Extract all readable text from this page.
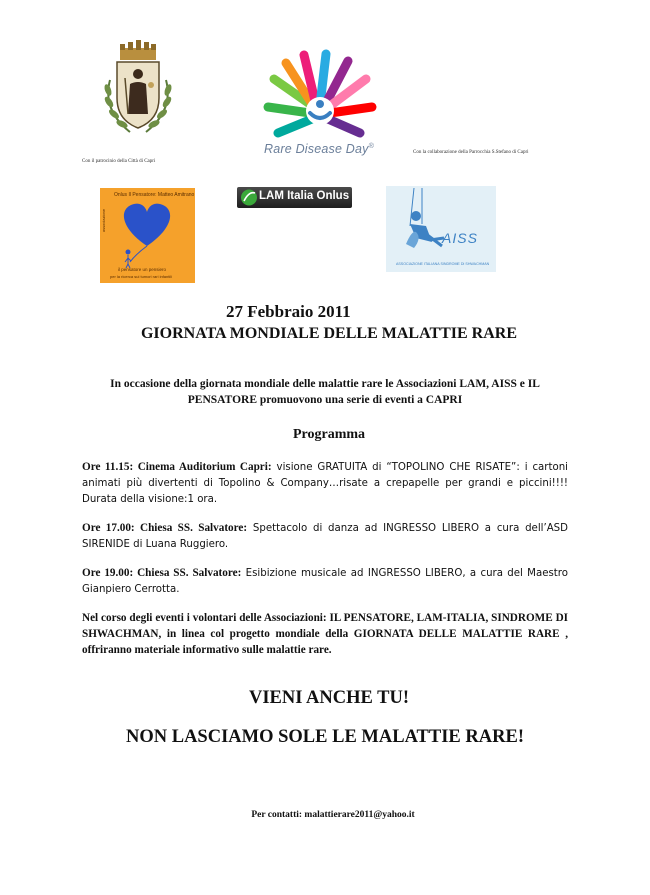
Rare Disease Day®
Con il patrocinio della Città di Capri
Con la collaborazione della Parrocchia S.Stefano di Capri
Onlus Il Pensatore: Matteo Amitrano
associazione
il pensatore un pensiero
per la ricerca sui tumori rari infantili
LAM Italia Onlus
AISS
ASSOCIAZIONE ITALIANA SINDROME DI SHWACHMAN
27 Febbraio 2011
GIORNATA MONDIALE DELLE MALATTIE RARE
In occasione della giornata mondiale delle malattie rare le Associazioni LAM, AISS e IL
PENSATORE promuovono una serie di eventi a CAPRI
Programma
Ore 11.15: Cinema Auditorium Capri: visione GRATUITA di “TOPOLINO CHE RISATE”: i cartoni animati più divertenti di Topolino & Company…risate a crepapelle per grandi e piccini!!!! Durata della visione:1 ora.
Ore 17.00: Chiesa SS. Salvatore: Spettacolo di danza ad INGRESSO LIBERO a cura dell’ASD SIRENIDE di Luana Ruggiero.
Ore 19.00: Chiesa SS. Salvatore: Esibizione musicale ad INGRESSO LIBERO, a cura del Maestro Gianpiero Cerrotta.
Nel corso degli eventi i volontari delle Associazioni: IL PENSATORE, LAM-ITALIA, SINDROME DI SHWACHMAN, in linea col progetto mondiale della GIORNATA DELLE MALATTIE RARE , offriranno materiale informativo sulle malattie rare.
VIENI ANCHE TU!
NON LASCIAMO SOLE LE MALATTIE RARE!
Per contatti: malattierare2011@yahoo.it
